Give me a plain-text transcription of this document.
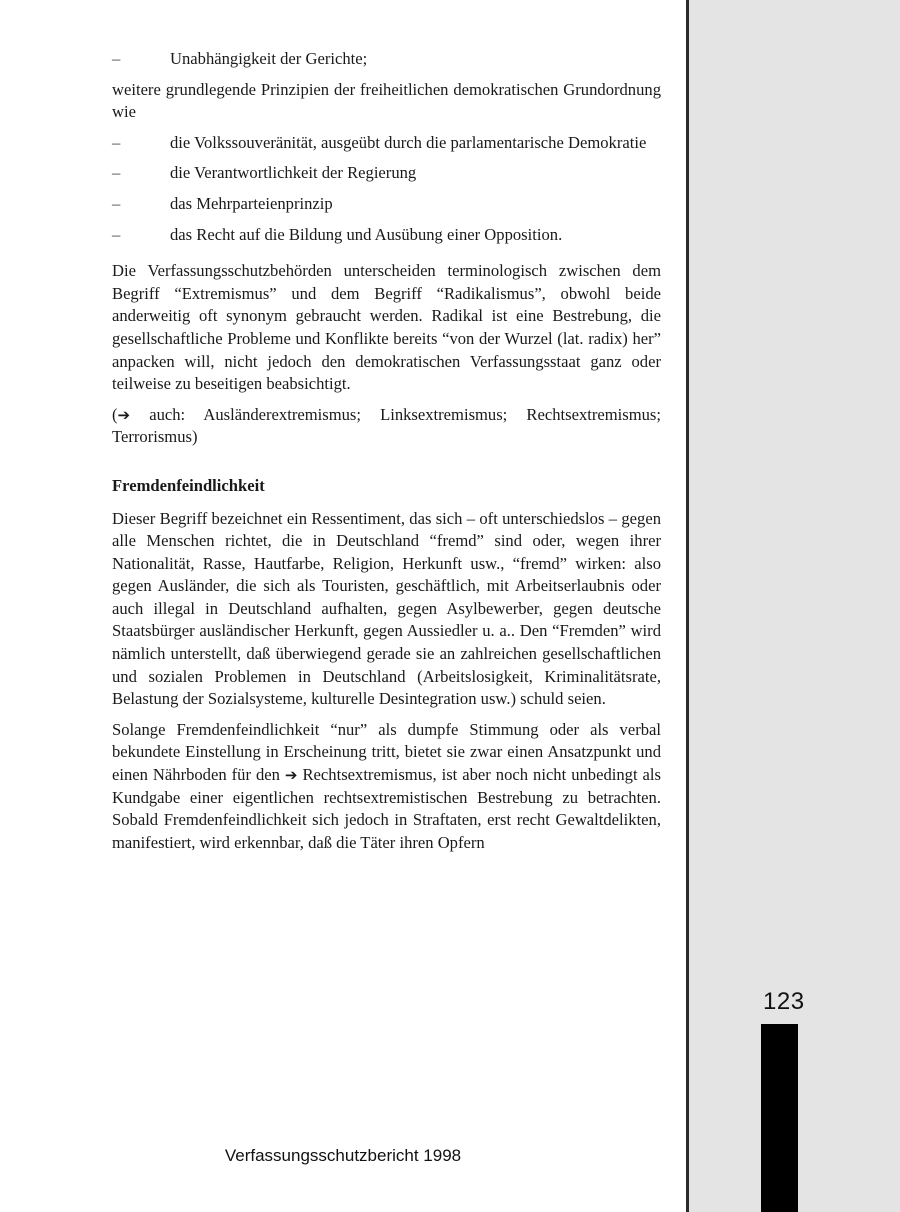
–	Unabhängigkeit der Gerichte;

weitere grundlegende Prinzipien der freiheitlichen demokratischen Grundordnung wie

–	die Volkssouveränität, ausgeübt durch die parlamentarische Demokratie
–	die Verantwortlichkeit der Regierung
–	das Mehrparteienprinzip
–	das Recht auf die Bildung und Ausübung einer Opposition.

Die Verfassungsschutzbehörden unterscheiden terminologisch zwischen dem Begriff “Extremismus” und dem Begriff “Radikalismus”, obwohl beide anderweitig oft synonym gebraucht werden. Radikal ist eine Bestrebung, die gesellschaftliche Probleme und Konflikte bereits “von der Wurzel (lat. radix) her” anpacken will, nicht jedoch den demokratischen Verfassungsstaat ganz oder teilweise zu beseitigen beabsichtigt.

(➔ auch: Ausländerextremismus; Linksextremismus; Rechtsextremismus; Terrorismus)

Fremdenfeindlichkeit

Dieser Begriff bezeichnet ein Ressentiment, das sich – oft unterschiedslos – gegen alle Menschen richtet, die in Deutschland “fremd” sind oder, wegen ihrer Nationalität, Rasse, Hautfarbe, Religion, Herkunft usw., “fremd” wirken: also gegen Ausländer, die sich als Touristen, geschäftlich, mit Arbeitserlaubnis oder auch illegal in Deutschland aufhalten, gegen Asylbewerber, gegen deutsche Staatsbürger ausländischer Herkunft, gegen Aussiedler u. a.. Den “Fremden” wird nämlich unterstellt, daß überwiegend gerade sie an zahlreichen gesellschaftlichen und sozialen Problemen in Deutschland (Arbeitslosigkeit, Kriminalitätsrate, Belastung der Sozialsysteme, kulturelle Desintegration usw.) schuld seien.

Solange Fremdenfeindlichkeit “nur” als dumpfe Stimmung oder als verbal bekundete Einstellung in Erscheinung tritt, bietet sie zwar einen Ansatzpunkt und einen Nährboden für den ➔ Rechtsextremismus, ist aber noch nicht unbedingt als Kundgabe einer eigentlichen rechtsextremistischen Bestrebung zu betrachten. Sobald Fremdenfeindlichkeit sich jedoch in Straftaten, erst recht Gewaltdelikten, manifestiert, wird erkennbar, daß die Täter ihren Opfern

Verfassungsschutzbericht 1998
123
